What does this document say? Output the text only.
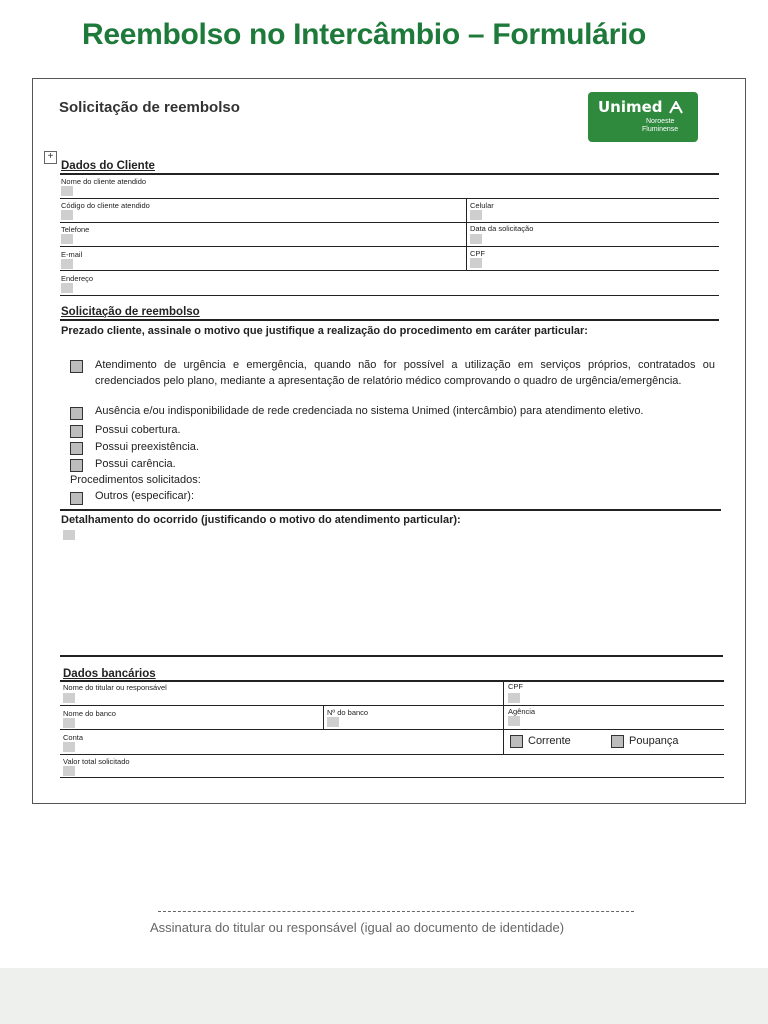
Reembolso no Intercâmbio – Formulário
Solicitação de reembolso	Unimed
Noroeste
Fluminense
+
Dados do Cliente
Nome do cliente atendido
Código do cliente atendido	Celular
Telefone	Data da solicitação
E-mail	CPF
Endereço
Solicitação de reembolso
Prezado cliente, assinale o motivo que justifique a realização do procedimento em caráter particular:
Atendimento de urgência e emergência, quando não for possível a utilização em serviços próprios, contratados ou credenciados pelo plano, mediante a apresentação de relatório médico comprovando o quadro de urgência/emergência.
Ausência e/ou indisponibilidade de rede credenciada no sistema Unimed (intercâmbio) para atendimento eletivo.
Possui cobertura.
Possui preexistência.
Possui carência.
Procedimentos solicitados:
Outros (especificar):
Detalhamento do ocorrido (justificando o motivo do atendimento particular):
Dados bancários
Nome do titular ou responsável	CPF
Nome do banco	Nº do banco	Agência
Conta	Corrente	Poupança
Valor total solicitado
Assinatura do titular ou responsável (igual ao documento de identidade)
